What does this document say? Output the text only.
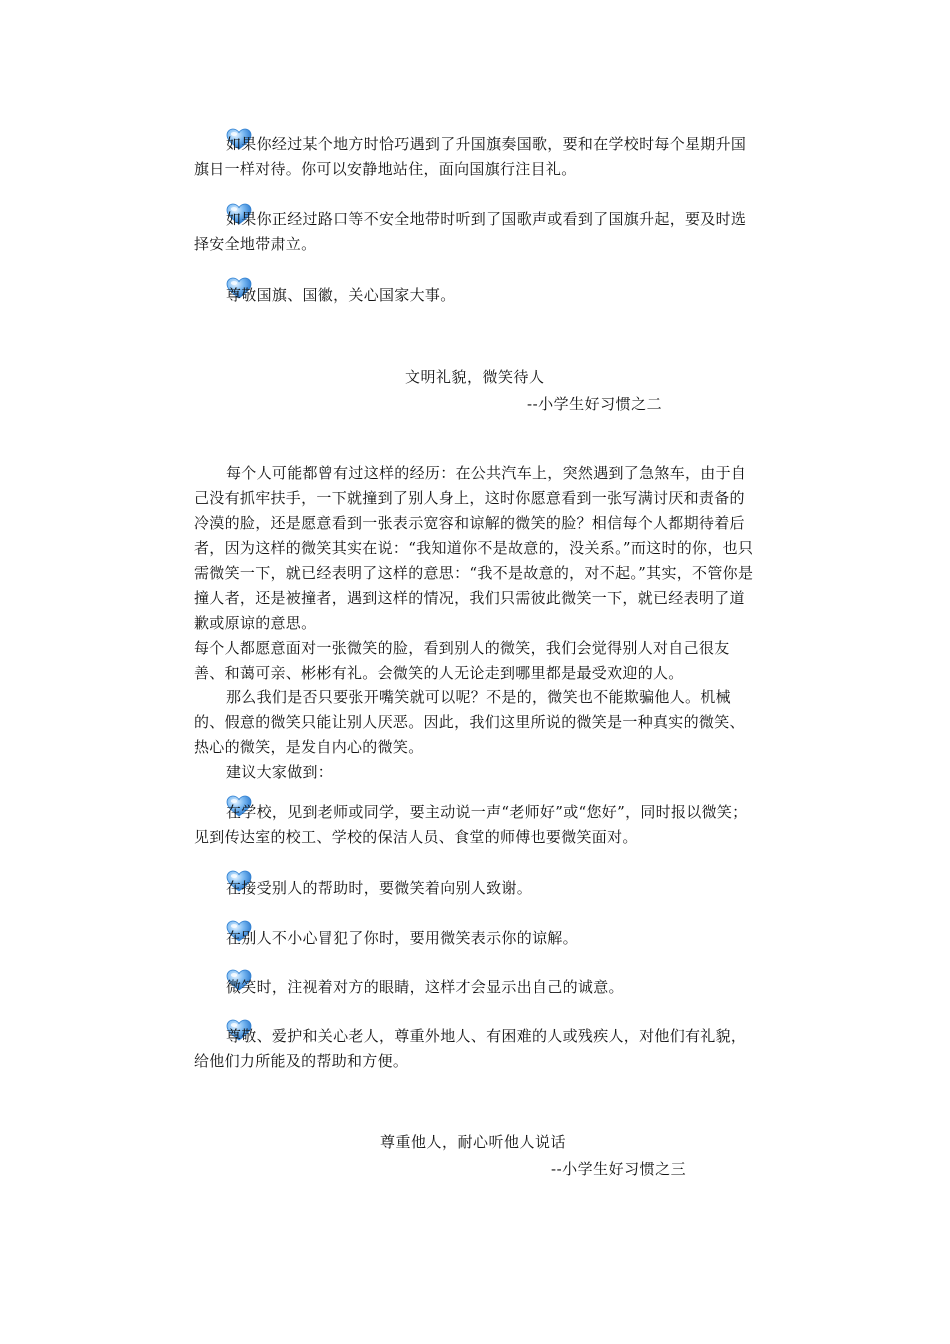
如果你经过某个地方时恰巧遇到了升国旗奏国歌，要和在学校时每个星期升国旗日一样对待。你可以安静地站住，面向国旗行注目礼。

如果你正经过路口等不安全地带时听到了国歌声或看到了国旗升起，要及时选择安全地带肃立。

尊敬国旗、国徽，关心国家大事。

文明礼貌，微笑待人

--小学生好习惯之二

每个人可能都曾有过这样的经历：在公共汽车上，突然遇到了急煞车，由于自己没有抓牢扶手，一下就撞到了别人身上，这时你愿意看到一张写满讨厌和责备的冷漠的脸，还是愿意看到一张表示宽容和谅解的微笑的脸？相信每个人都期待着后者，因为这样的微笑其实在说：“我知道你不是故意的，没关系。”而这时的你，也只需微笑一下，就已经表明了这样的意思：“我不是故意的，对不起。”其实，不管你是撞人者，还是被撞者，遇到这样的情况，我们只需彼此微笑一下，就已经表明了道歉或原谅的意思。

每个人都愿意面对一张微笑的脸，看到别人的微笑，我们会觉得别人对自己很友善、和蔼可亲、彬彬有礼。会微笑的人无论走到哪里都是最受欢迎的人。

那么我们是否只要张开嘴笑就可以呢？不是的，微笑也不能欺骗他人。机械的、假意的微笑只能让别人厌恶。因此，我们这里所说的微笑是一种真实的微笑、热心的微笑，是发自内心的微笑。

建议大家做到：

在学校，见到老师或同学，要主动说一声“老师好”或“您好”，同时报以微笑；见到传达室的校工、学校的保洁人员、食堂的师傅也要微笑面对。

在接受别人的帮助时，要微笑着向别人致谢。

在别人不小心冒犯了你时，要用微笑表示你的谅解。

微笑时，注视着对方的眼睛，这样才会显示出自己的诚意。

尊敬、爱护和关心老人，尊重外地人、有困难的人或残疾人，对他们有礼貌，给他们力所能及的帮助和方便。

尊重他人，耐心听他人说话

--小学生好习惯之三
